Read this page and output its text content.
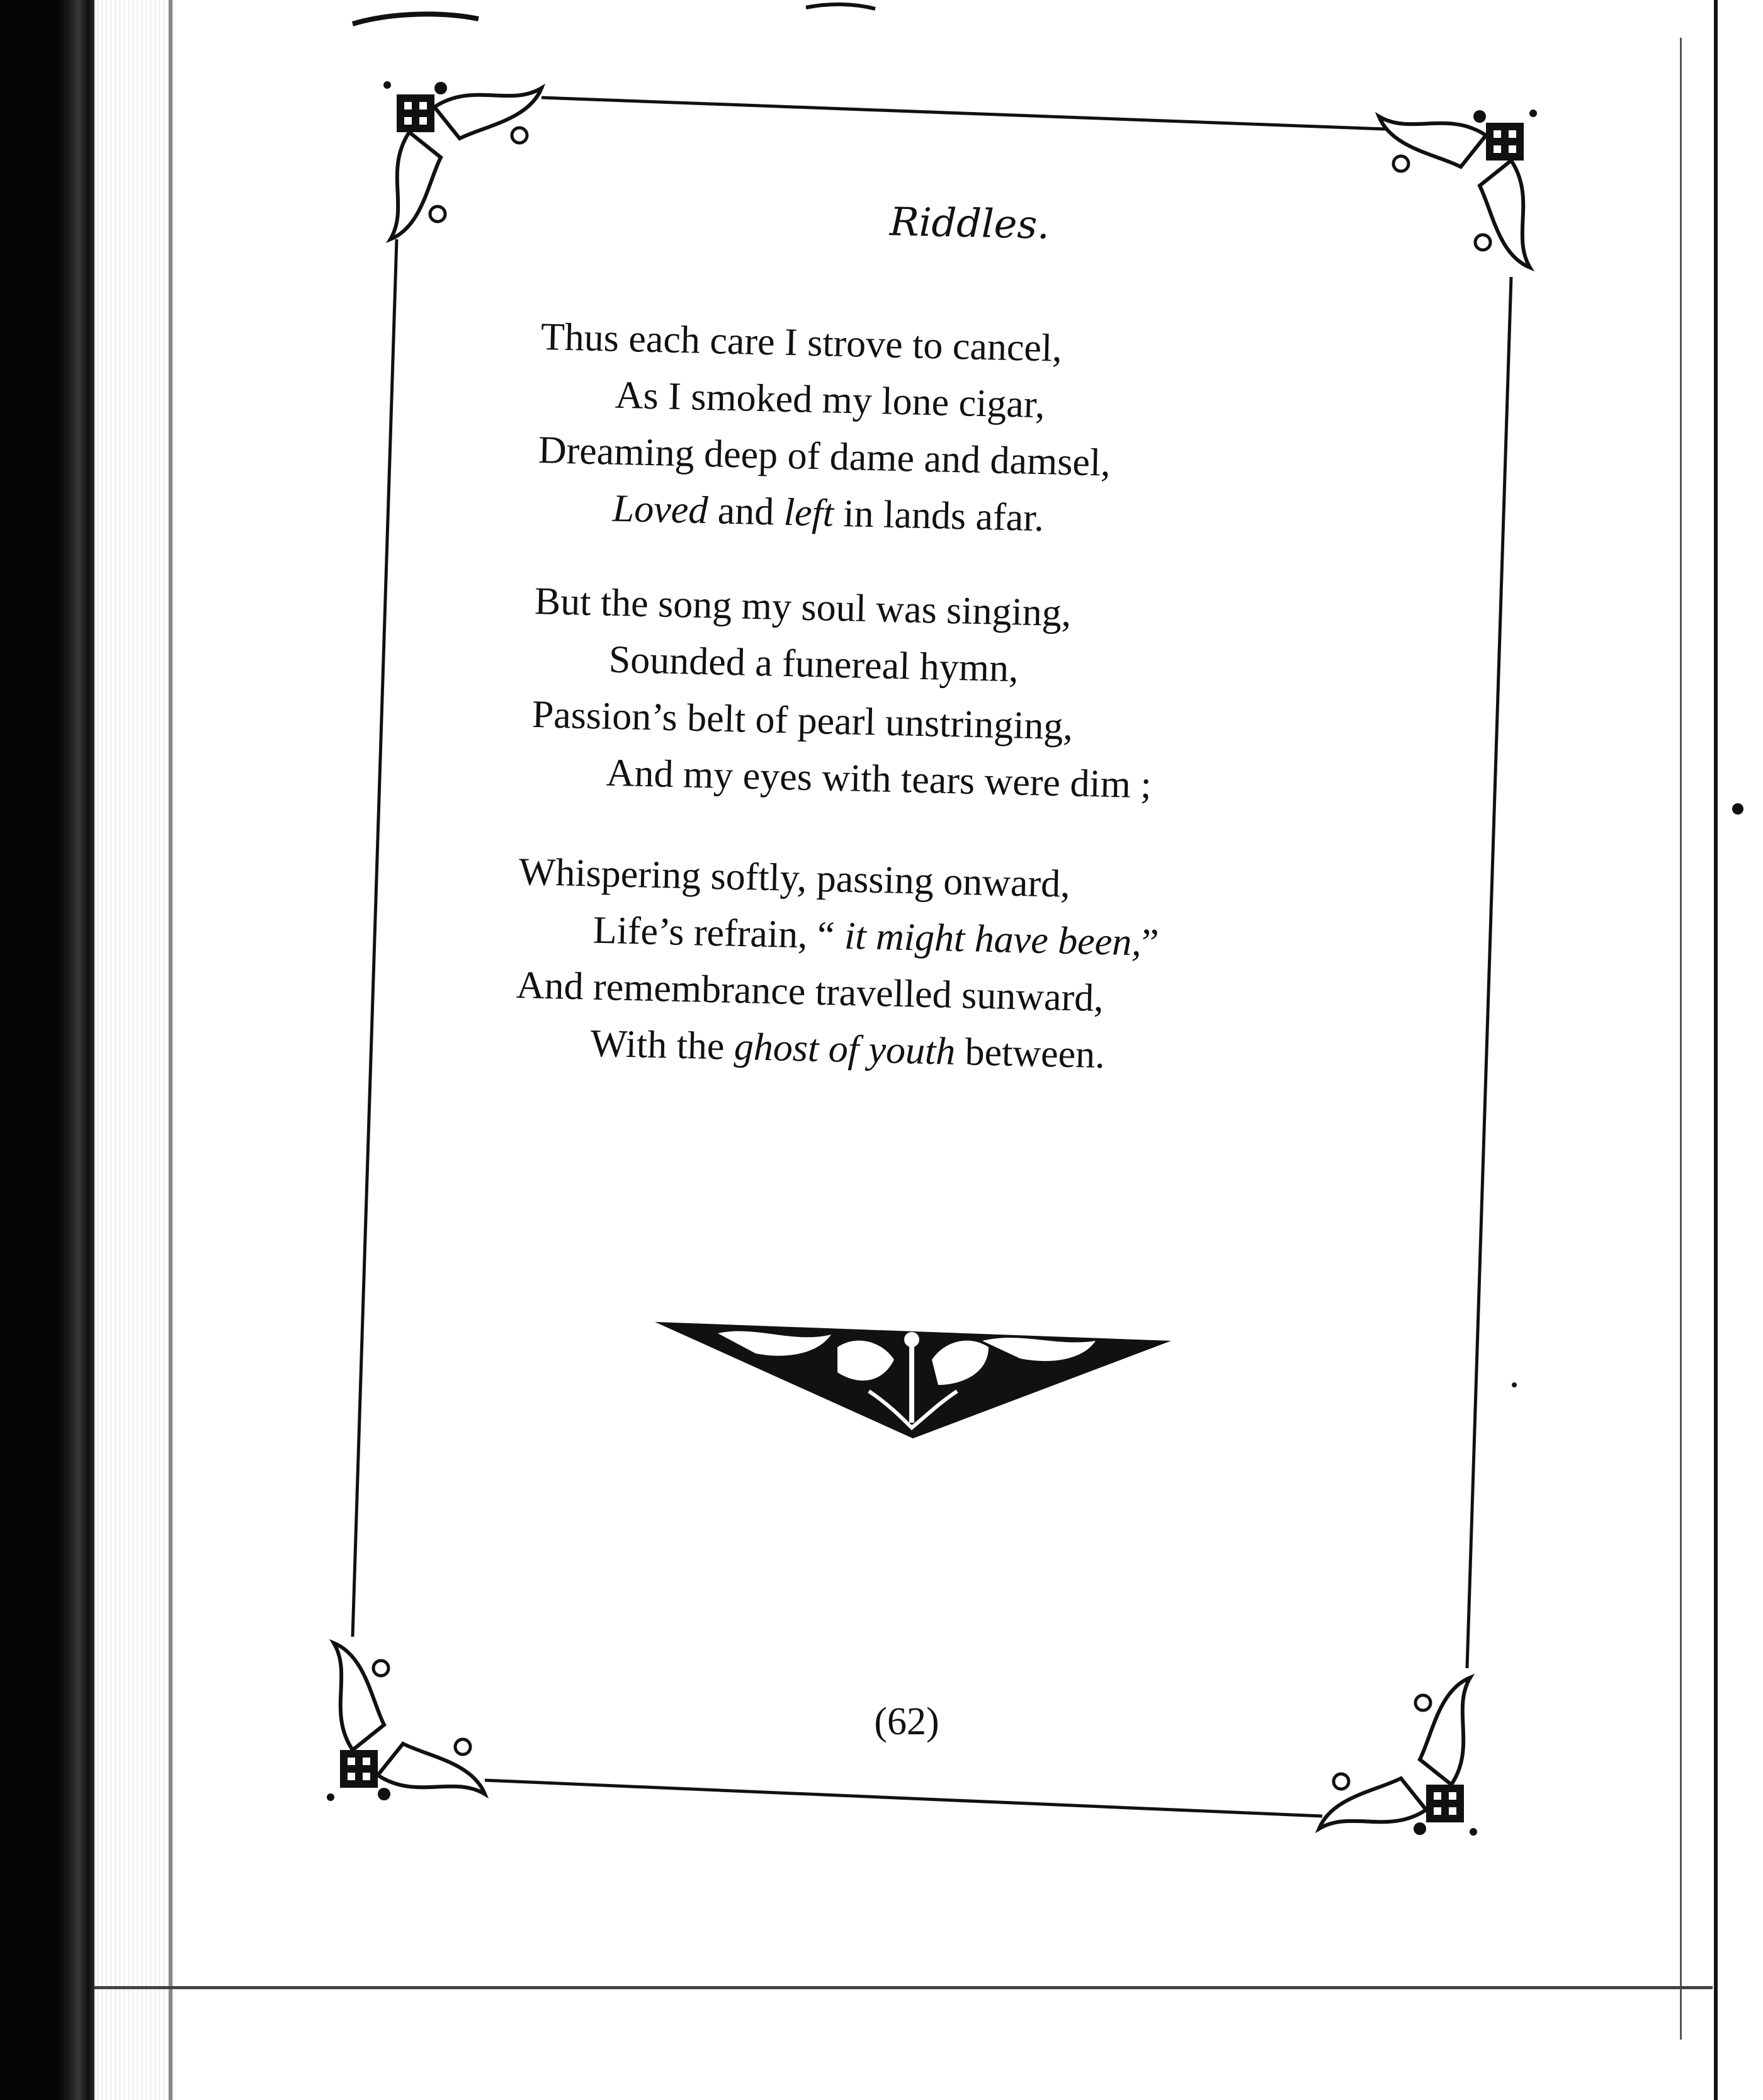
Riddles.
Thus each care I strove to cancel,
As I smoked my lone cigar,
Dreaming deep of dame and damsel,
Loved and left in lands afar.
But the song my soul was singing,
Sounded a funereal hymn,
Passion’s belt of pearl unstringing,
And my eyes with tears were dim ;
Whispering softly, passing onward,
Life’s refrain, “ it might have been,”
And remembrance travelled sunward,
With the ghost of youth between.
(62)
